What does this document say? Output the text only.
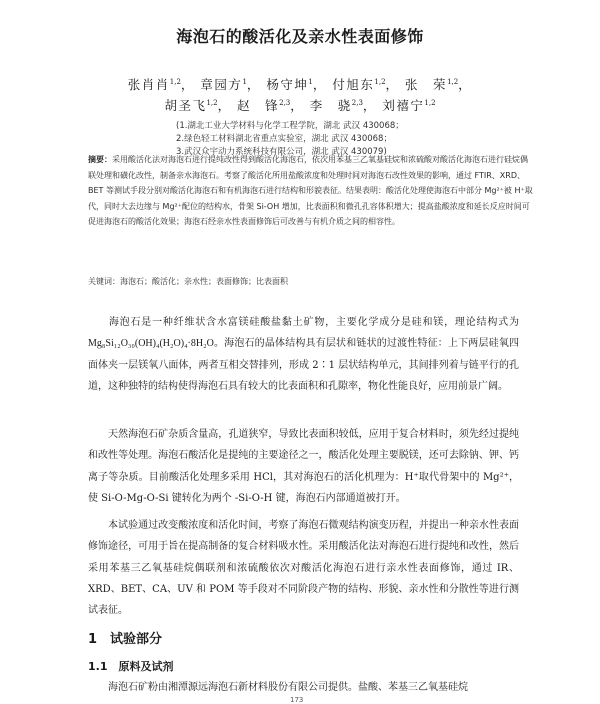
海泡石的酸活化及亲水性表面修饰
张肖肖$^{1,2}$， 章园方$^1$， 杨守坤$^1$， 付旭东$^{1,2}$， 张　荣$^{1,2}$，
胡圣飞$^{1,2}$， 赵　锋$^{2,3}$， 李　骁$^{2,3}$， 刘禧宁$^{1,2}$
(1.湖北工业大学材料与化学工程学院，湖北 武汉 430068；
2.绿色轻工材料湖北省重点实验室，湖北 武汉 430068；
3.武汉众宇动力系统科技有限公司，湖北 武汉 430079)
摘要：采用酸活化法对海泡石进行提纯改性得到酸活化海泡石，依次用苯基三乙氧基硅烷和浓硫酸对酸活化海泡石进行硅烷偶联处理和磺化改性，制备亲水海泡石。考察了酸活化所用盐酸浓度和处理时间对海泡石改性效果的影响，通过 FTIR、XRD、BET 等测试手段分别对酸活化海泡石和有机海泡石进行结构和形貌表征。结果表明：酸活化处理使海泡石中部分 Mg²⁺被 H⁺取代，同时大去边缘与 Mg²⁺配位的结构水，骨架 Si-OH 增加，比表面积和微孔孔容体积增大；提高盐酸浓度和延长反应时间可促进海泡石的酸活化效果；海泡石经亲水性表面修饰后可改善与有机介质之间的相容性。
关键词：海泡石；酸活化；亲水性；表面修饰；比表面积
海泡石是一种纤维状含水富镁硅酸盐黏土矿物，主要化学成分是硅和镁，理论结构式为Mg₈Si₁₂O₃₀(OH)₄(H₂O)₄·8H₂O。海泡石的晶体结构具有层状和链状的过渡性特征：上下两层硅氧四面体夹一层镁氧八面体，两者互相交替排列，形成 2∶1 层状结构单元，其间排列着与链平行的孔道，这种独特的结构使得海泡石具有较大的比表面积和孔隙率，物化性能良好，应用前景广阔。
天然海泡石矿杂质含量高，孔道狭窄，导致比表面积较低，应用于复合材料时，须先经过提纯和改性等处理。海泡石酸活化是提纯的主要途径之一，酸活化处理主要脱镁，还可去除钠、钾、钙离子等杂质。目前酸活化处理多采用 HCl，其对海泡石的活化机理为：H⁺取代骨架中的 Mg²⁺，使 Si-O-Mg-O-Si 键转化为两个 -Si-O-H 键，海泡石内部通道被打开。
本试验通过改变酸浓度和活化时间，考察了海泡石微观结构演变历程，并提出一种亲水性表面修饰途径，可用于旨在提高制备的复合材料吸水性。采用酸活化法对海泡石进行提纯和改性，然后采用苯基三乙氧基硅烷偶联剂和浓硫酸依次对酸活化海泡石进行亲水性表面修饰，通过 IR、XRD、BET、CA、UV 和 POM 等手段对不同阶段产物的结构、形貌、亲水性和分散性等进行测试表征。
1　试验部分
1.1　原料及试剂
海泡石矿粉由湘潭源远海泡石新材料股份有限公司提供。盐酸、苯基三乙氧基硅烷
173
